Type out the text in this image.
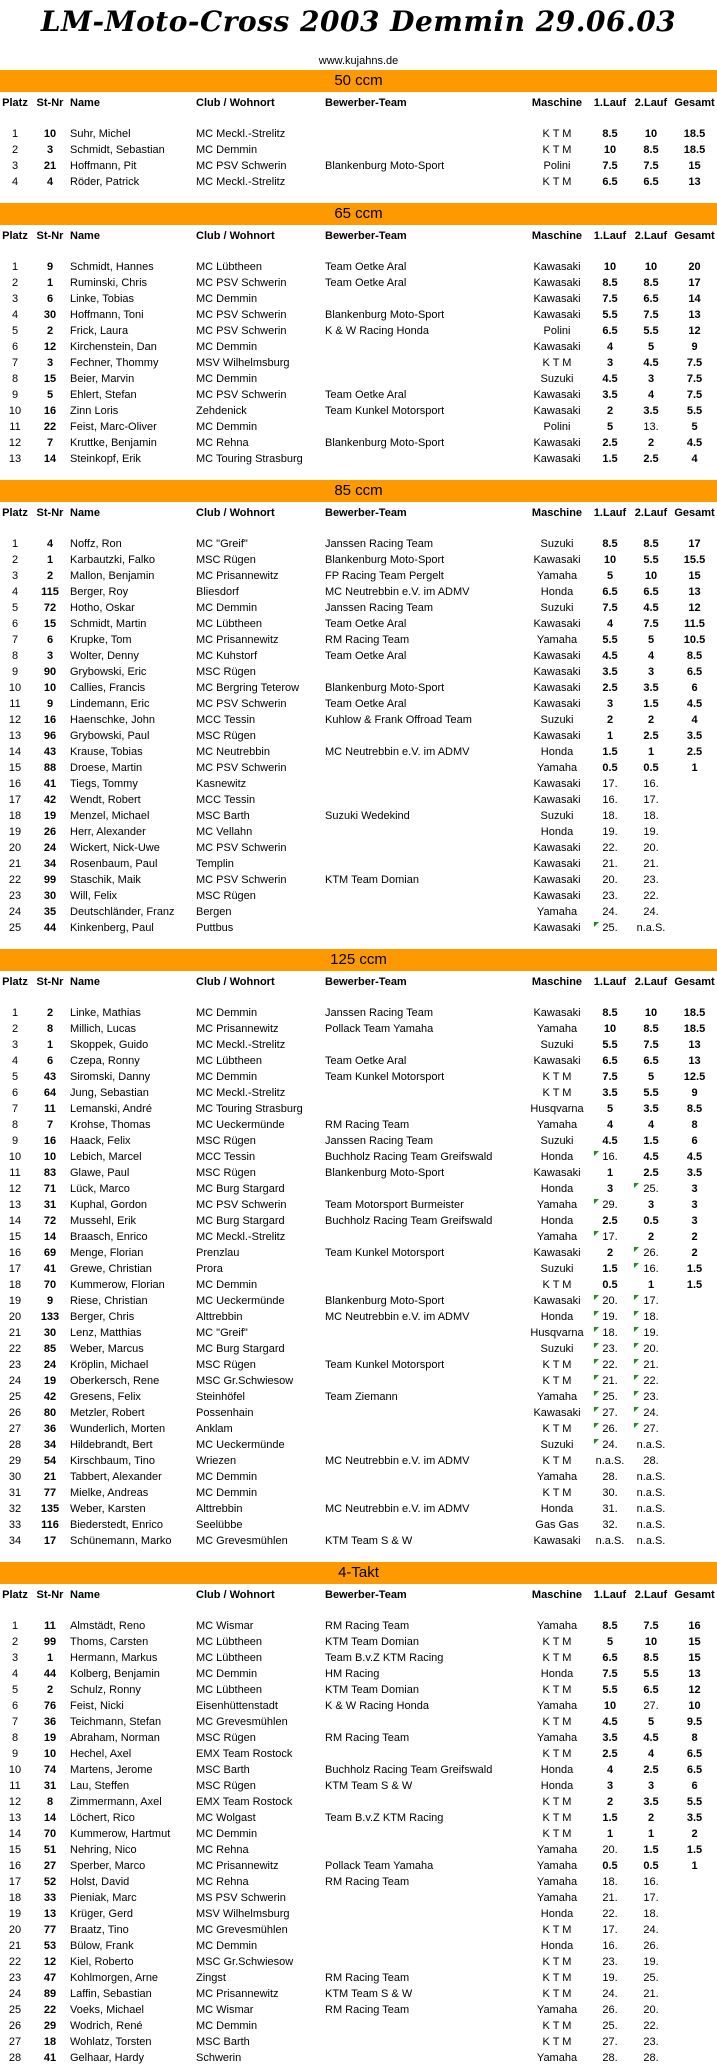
LM-Moto-Cross 2003 Demmin 29.06.03
www.kujahns.de
50 ccm
Platz St-Nr Name	Club / Wohnort	Bewerber-Team	Maschine	1.Lauf 2.Lauf Gesamt
1	10	Suhr, Michel	MC Meckl.-Strelitz	K T M	8.5	10	18.5
2	3	Schmidt, Sebastian	MC Demmin	K T M	10	8.5	18.5
3	21	Hoffmann, Pit	MC PSV Schwerin	Blankenburg Moto-Sport	Polini	7.5	7.5	15
4	4	Röder, Patrick	MC Meckl.-Strelitz	K T M	6.5	6.5	13
65 ccm
Platz St-Nr Name	Club / Wohnort	Bewerber-Team	Maschine	1.Lauf 2.Lauf Gesamt
1	9	Schmidt, Hannes	MC Lübtheen	Team Oetke Aral	Kawasaki	10	10	20
2	1	Ruminski, Chris	MC PSV Schwerin	Team Oetke Aral	Kawasaki	8.5	8.5	17
3	6	Linke, Tobias	MC Demmin	Kawasaki	7.5	6.5	14
4	30	Hoffmann, Toni	MC PSV Schwerin	Blankenburg Moto-Sport	Kawasaki	5.5	7.5	13
5	2	Frick, Laura	MC PSV Schwerin	K & W Racing Honda	Polini	6.5	5.5	12
6	12	Kirchenstein, Dan	MC Demmin	Kawasaki	4	5	9
7	3	Fechner, Thommy	MSV Wilhelmsburg	K T M	3	4.5	7.5
8	15	Beier, Marvin	MC Demmin	Suzuki	4.5	3	7.5
9	5	Ehlert, Stefan	MC PSV Schwerin	Team Oetke Aral	Kawasaki	3.5	4	7.5
10	16	Zinn Loris	Zehdenick	Team Kunkel Motorsport	Kawasaki	2	3.5	5.5
11	22	Feist, Marc-Oliver	MC Demmin	Polini	5	13.	5
12	7	Kruttke, Benjamin	MC Rehna	Blankenburg Moto-Sport	Kawasaki	2.5	2	4.5
13	14	Steinkopf, Erik	MC Touring Strasburg	Kawasaki	1.5	2.5	4
85 ccm
Platz St-Nr Name	Club / Wohnort	Bewerber-Team	Maschine	1.Lauf 2.Lauf Gesamt
1	4	Noffz, Ron	MC "Greif"	Janssen Racing Team	Suzuki	8.5	8.5	17
2	1	Karbautzki, Falko	MSC Rügen	Blankenburg Moto-Sport	Kawasaki	10	5.5	15.5
3	2	Mallon, Benjamin	MC Prisannewitz	FP Racing Team Pergelt	Yamaha	5	10	15
4	115	Berger, Roy	Bliesdorf	MC Neutrebbin e.V. im ADMV	Honda	6.5	6.5	13
5	72	Hotho, Oskar	MC Demmin	Janssen Racing Team	Suzuki	7.5	4.5	12
6	15	Schmidt, Martin	MC Lübtheen	Team Oetke Aral	Kawasaki	4	7.5	11.5
7	6	Krupke, Tom	MC Prisannewitz	RM Racing Team	Yamaha	5.5	5	10.5
8	3	Wolter, Denny	MC Kuhstorf	Team Oetke Aral	Kawasaki	4.5	4	8.5
9	90	Grybowski, Eric	MSC Rügen	Kawasaki	3.5	3	6.5
10	10	Callies, Francis	MC Bergring Teterow	Blankenburg Moto-Sport	Kawasaki	2.5	3.5	6
11	9	Lindemann, Eric	MC PSV Schwerin	Team Oetke Aral	Kawasaki	3	1.5	4.5
12	16	Haenschke, John	MCC Tessin	Kuhlow & Frank Offroad Team	Suzuki	2	2	4
13	96	Grybowski, Paul	MSC Rügen	Kawasaki	1	2.5	3.5
14	43	Krause, Tobias	MC Neutrebbin	MC Neutrebbin e.V. im ADMV	Honda	1.5	1	2.5
15	88	Droese, Martin	MC PSV Schwerin	Yamaha	0.5	0.5	1
16	41	Tiegs, Tommy	Kasnewitz	Kawasaki	17.	16.
17	42	Wendt, Robert	MCC Tessin	Kawasaki	16.	17.
18	19	Menzel, Michael	MSC Barth	Suzuki Wedekind	Suzuki	18.	18.
19	26	Herr, Alexander	MC Vellahn	Honda	19.	19.
20	24	Wickert, Nick-Uwe	MC PSV Schwerin	Kawasaki	22.	20.
21	34	Rosenbaum, Paul	Templin	Kawasaki	21.	21.
22	99	Staschik, Maik	MC PSV Schwerin	KTM Team Domian	Kawasaki	20.	23.
23	30	Will, Felix	MSC Rügen	Kawasaki	23.	22.
24	35	Deutschländer, Franz	Bergen	Yamaha	24.	24.
25	44	Kinkenberg, Paul	Puttbus	Kawasaki	25.	n.a.S.
125 ccm
Platz St-Nr Name	Club / Wohnort	Bewerber-Team	Maschine	1.Lauf 2.Lauf Gesamt
1	2	Linke, Mathias	MC Demmin	Janssen Racing Team	Kawasaki	8.5	10	18.5
2	8	Millich, Lucas	MC Prisannewitz	Pollack Team Yamaha	Yamaha	10	8.5	18.5
3	1	Skoppek, Guido	MC Meckl.-Strelitz	Suzuki	5.5	7.5	13
4	6	Czepa, Ronny	MC Lübtheen	Team Oetke Aral	Kawasaki	6.5	6.5	13
5	43	Siromski, Danny	MC Demmin	Team Kunkel Motorsport	K T M	7.5	5	12.5
6	64	Jung, Sebastian	MC Meckl.-Strelitz	K T M	3.5	5.5	9
7	11	Lemanski, André	MC Touring Strasburg	Husqvarna	5	3.5	8.5
8	7	Krohse, Thomas	MC Ueckermünde	RM Racing Team	Yamaha	4	4	8
9	16	Haack, Felix	MSC Rügen	Janssen Racing Team	Suzuki	4.5	1.5	6
10	10	Lebich, Marcel	MCC Tessin	Buchholz Racing Team Greifswald	Honda	16.	4.5	4.5
11	83	Glawe, Paul	MSC Rügen	Blankenburg Moto-Sport	Kawasaki	1	2.5	3.5
12	71	Lück, Marco	MC Burg Stargard	Honda	3	25.	3
13	31	Kuphal, Gordon	MC PSV Schwerin	Team Motorsport Burmeister	Yamaha	29.	3	3
14	72	Mussehl, Erik	MC Burg Stargard	Buchholz Racing Team Greifswald	Honda	2.5	0.5	3
15	14	Braasch, Enrico	MC Meckl.-Strelitz	Yamaha	17.	2	2
16	69	Menge, Florian	Prenzlau	Team Kunkel Motorsport	Kawasaki	2	26.	2
17	41	Grewe, Christian	Prora	Suzuki	1.5	16.	1.5
18	70	Kummerow, Florian	MC Demmin	K T M	0.5	1	1.5
19	9	Riese, Christian	MC Ueckermünde	Blankenburg Moto-Sport	Kawasaki	20.	17.
20	133 Berger, Chris	Alttrebbin	MC Neutrebbin e.V. im ADMV	Honda	19.	18.
21	30	Lenz, Matthias	MC "Greif"	Husqvarna	18.	19.
22	85	Weber, Marcus	MC Burg Stargard	Suzuki	23.	20.
23	24	Kröplin, Michael	MSC Rügen	Team Kunkel Motorsport	K T M	22.	21.
24	19	Oberkersch, Rene	MSC Gr.Schwiesow	K T M	21.	22.
25	42	Gresens, Felix	Steinhöfel	Team Ziemann	Yamaha	25.	23.
26	80	Metzler, Robert	Possenhain	Kawasaki	27.	24.
27	36	Wunderlich, Morten	Anklam	K T M	26.	27.
28	34	Hildebrandt, Bert	MC Ueckermünde	Suzuki	24.	n.a.S.
29	54	Kirschbaum, Tino	Wriezen	MC Neutrebbin e.V. im ADMV	K T M	n.a.S.	28.
30	21	Tabbert, Alexander	MC Demmin	Yamaha	28.	n.a.S.
31	77	Mielke, Andreas	MC Demmin	K T M	30.	n.a.S.
32	135 Weber, Karsten	Alttrebbin	MC Neutrebbin e.V. im ADMV	Honda	31.	n.a.S.
33	116	Biederstedt, Enrico	Seelübbe	Gas Gas	32.	n.a.S.
34	17	Schünemann, Marko	MC Grevesmühlen	KTM Team S & W	Kawasaki	n.a.S.	n.a.S.
4-Takt
Platz St-Nr Name	Club / Wohnort	Bewerber-Team	Maschine	1.Lauf 2.Lauf Gesamt
1	11	Almstädt, Reno	MC Wismar	RM Racing Team	Yamaha	8.5	7.5	16
2	99	Thoms, Carsten	MC Lübtheen	KTM Team Domian	K T M	5	10	15
3	1	Hermann, Markus	MC Lübtheen	Team B.v.Z KTM Racing	K T M	6.5	8.5	15
4	44	Kolberg, Benjamin	MC Demmin	HM Racing	Honda	7.5	5.5	13
5	2	Schulz, Ronny	MC Lübtheen	KTM Team Domian	K T M	5.5	6.5	12
6	76	Feist, Nicki	Eisenhüttenstadt	K & W Racing Honda	Yamaha	10	27.	10
7	36	Teichmann, Stefan	MC Grevesmühlen	K T M	4.5	5	9.5
8	19	Abraham, Norman	MSC Rügen	RM Racing Team	Yamaha	3.5	4.5	8
9	10	Hechel, Axel	EMX Team Rostock	K T M	2.5	4	6.5
10	74	Martens, Jerome	MSC Barth	Buchholz Racing Team Greifswald	Honda	4	2.5	6.5
11	31	Lau, Steffen	MSC Rügen	KTM Team S & W	Honda	3	3	6
12	8	Zimmermann, Axel	EMX Team Rostock	K T M	2	3.5	5.5
13	14	Löchert, Rico	MC Wolgast	Team B.v.Z KTM Racing	K T M	1.5	2	3.5
14	70	Kummerow, Hartmut	MC Demmin	K T M	1	1	2
15	51	Nehring, Nico	MC Rehna	Yamaha	20.	1.5	1.5
16	27	Sperber, Marco	MC Prisannewitz	Pollack Team Yamaha	Yamaha	0.5	0.5	1
17	52	Holst, David	MC Rehna	RM Racing Team	Yamaha	18.	16.
18	33	Pieniak, Marc	MS PSV Schwerin	Yamaha	21.	17.
19	13	Krüger, Gerd	MSV Wilhelmsburg	Honda	22.	18.
20	77	Braatz, Tino	MC Grevesmühlen	K T M	17.	24.
21	53	Bülow, Frank	MC Demmin	Honda	16.	26.
22	12	Kiel, Roberto	MSC Gr.Schwiesow	K T M	23.	19.
23	47	Kohlmorgen, Arne	Zingst	RM Racing Team	K T M	19.	25.
24	89	Laffin, Sebastian	MC Prisannewitz	KTM Team S & W	K T M	24.	21.
25	22	Voeks, Michael	MC Wismar	RM Racing Team	Yamaha	26.	20.
26	29	Wodrich, René	MC Demmin	K T M	25.	22.
27	18	Wohlatz, Torsten	MSC Barth	K T M	27.	23.
28	41	Gelhaar, Hardy	Schwerin	Yamaha	28.	28.
